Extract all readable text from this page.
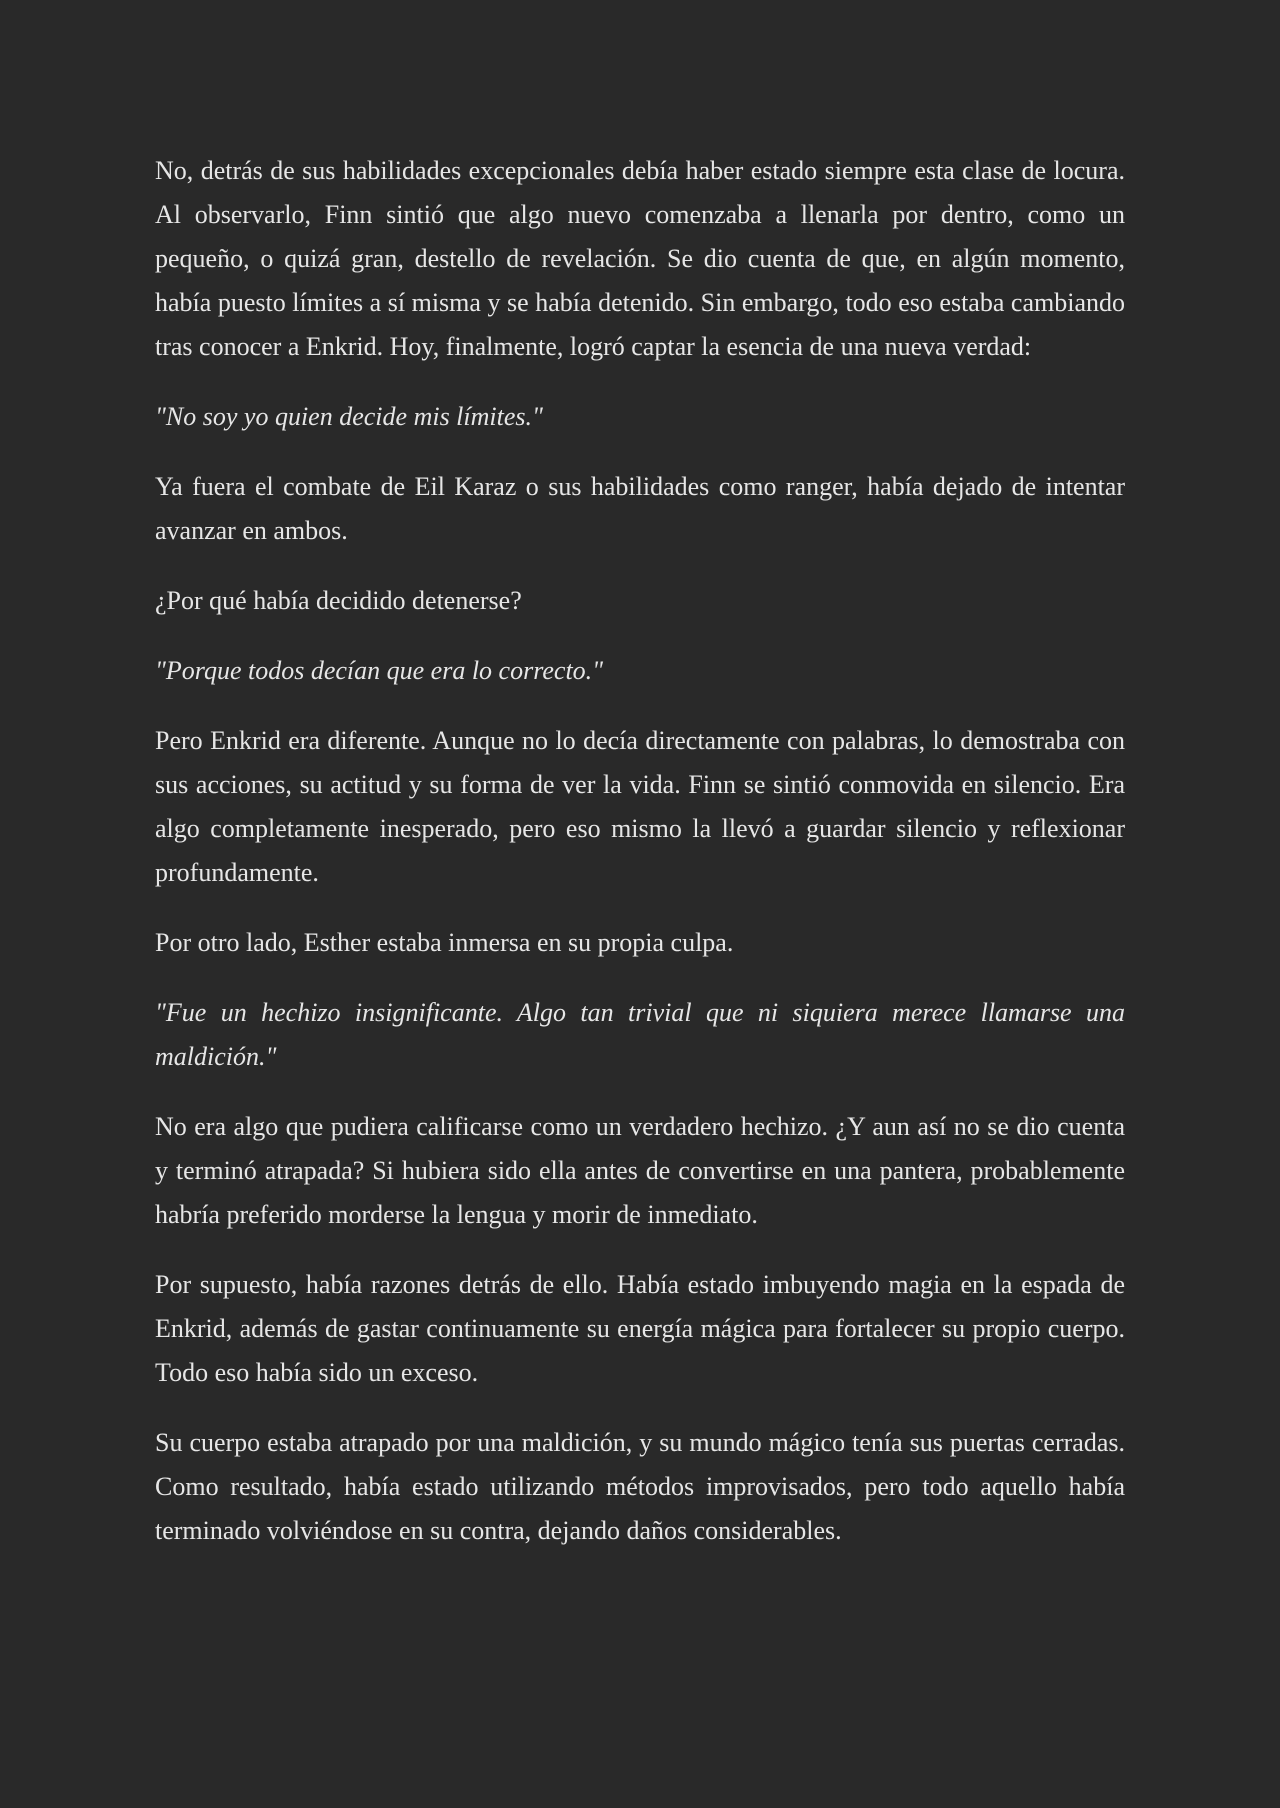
No, detrás de sus habilidades excepcionales debía haber estado siempre esta clase de locura. Al observarlo, Finn sintió que algo nuevo comenzaba a llenarla por dentro, como un pequeño, o quizá gran, destello de revelación. Se dio cuenta de que, en algún momento, había puesto límites a sí misma y se había detenido. Sin embargo, todo eso estaba cambiando tras conocer a Enkrid. Hoy, finalmente, logró captar la esencia de una nueva verdad:

"No soy yo quien decide mis límites."

Ya fuera el combate de Eil Karaz o sus habilidades como ranger, había dejado de intentar avanzar en ambos.

¿Por qué había decidido detenerse?

"Porque todos decían que era lo correcto."

Pero Enkrid era diferente. Aunque no lo decía directamente con palabras, lo demostraba con sus acciones, su actitud y su forma de ver la vida. Finn se sintió conmovida en silencio. Era algo completamente inesperado, pero eso mismo la llevó a guardar silencio y reflexionar profundamente.

Por otro lado, Esther estaba inmersa en su propia culpa.

"Fue un hechizo insignificante. Algo tan trivial que ni siquiera merece llamarse una maldición."

No era algo que pudiera calificarse como un verdadero hechizo. ¿Y aun así no se dio cuenta y terminó atrapada? Si hubiera sido ella antes de convertirse en una pantera, probablemente habría preferido morderse la lengua y morir de inmediato.

Por supuesto, había razones detrás de ello. Había estado imbuyendo magia en la espada de Enkrid, además de gastar continuamente su energía mágica para fortalecer su propio cuerpo. Todo eso había sido un exceso.

Su cuerpo estaba atrapado por una maldición, y su mundo mágico tenía sus puertas cerradas. Como resultado, había estado utilizando métodos improvisados, pero todo aquello había terminado volviéndose en su contra, dejando daños considerables.
